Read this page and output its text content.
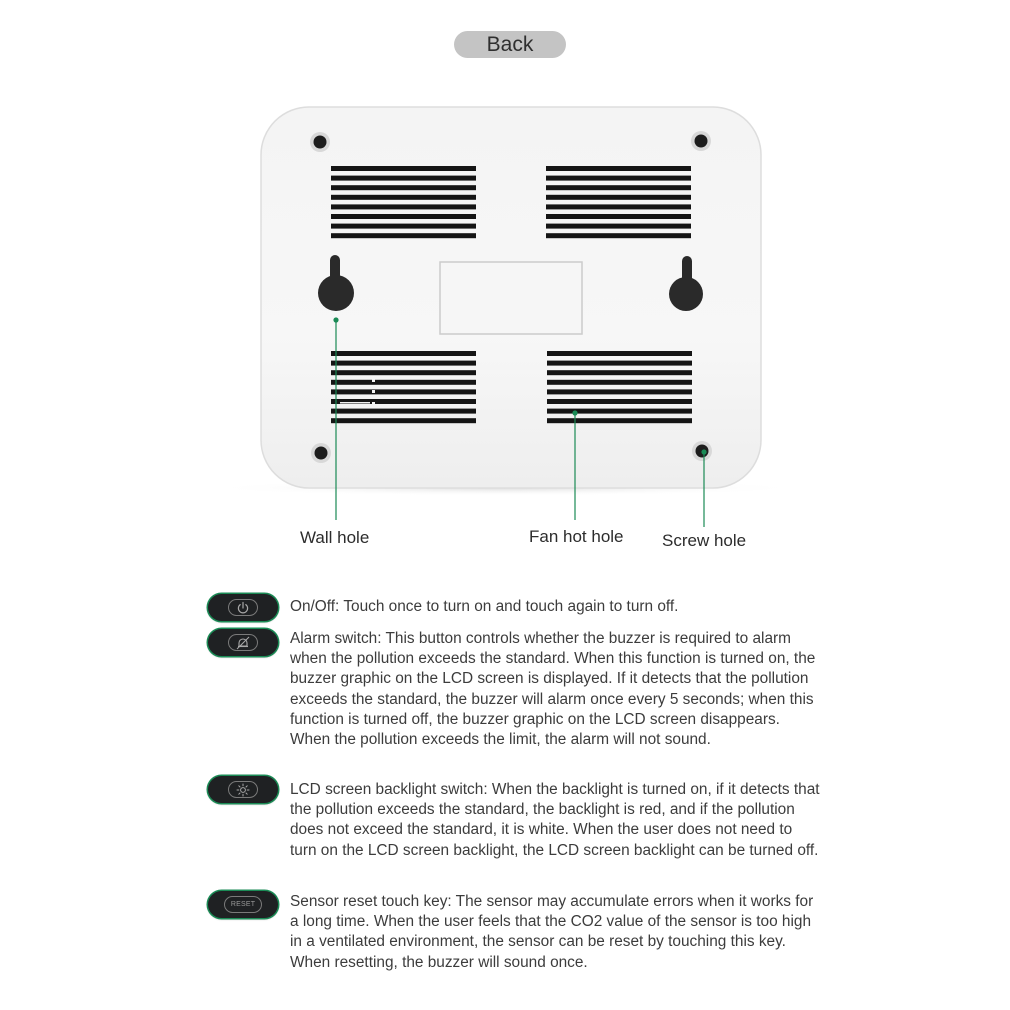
Back
Wall hole	Fan hot hole Screw hole
On/Off: Touch once to turn on and touch again to turn off.
Alarm switch: This button controls whether the buzzer is required to alarm when the pollution exceeds the standard. When this function is turned on, the buzzer graphic on the LCD screen is displayed. If it detects that the pollution exceeds the standard, the buzzer will alarm once every 5 seconds; when this function is turned off, the buzzer graphic on the LCD screen disappears. When the pollution exceeds the limit, the alarm will not sound.
LCD screen backlight switch: When the backlight is turned on, if it detects that the pollution exceeds the standard, the backlight is red, and if the pollution does not exceed the standard, it is white. When the user does not need to turn on the LCD screen backlight, the LCD screen backlight can be turned off.
RESET Sensor reset touch key: The sensor may accumulate errors when it works for a long time. When the user feels that the CO2 value of the sensor is too high in a ventilated environment, the sensor can be reset by touching this key. When resetting, the buzzer will sound once.
